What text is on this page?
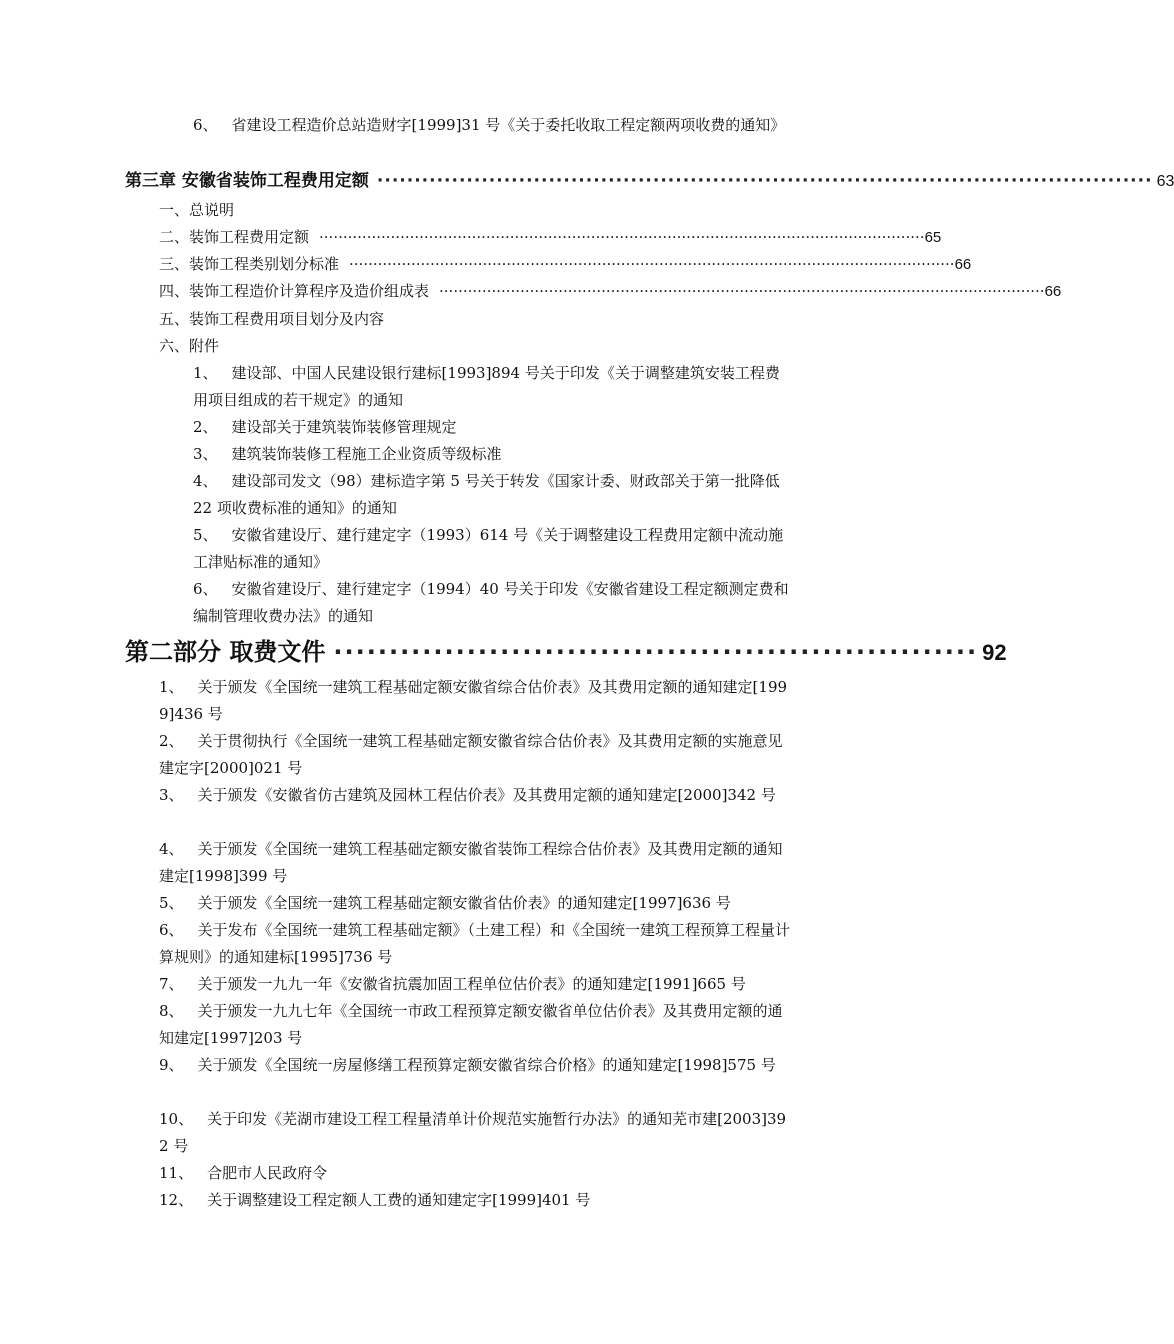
6、 省建设工程造价总站造财字[1999]31 号《关于委托收取工程定额两项收费的通知》
第三章 安徽省装饰工程费用定额 ········································································································ 63
一、总说明
二、装饰工程费用定额 ······························································································································· 65
三、装饰工程类别划分标准 ······························································································································· 66
四、装饰工程造价计算程序及造价组成表 ······························································································································· 66
五、装饰工程费用项目划分及内容
六、附件
1、 建设部、中国人民建设银行建标[1993]894 号关于印发《关于调整建筑安装工程费用项目组成的若干规定》的通知
2、 建设部关于建筑装饰装修管理规定
3、 建筑装饰装修工程施工企业资质等级标准
4、 建设部司发文（98）建标造字第 5 号关于转发《国家计委、财政部关于第一批降低 22 项收费标准的通知》的通知
5、 安徽省建设厅、建行建定字（1993）614 号《关于调整建设工程费用定额中流动施工津贴标准的通知》
6、 安徽省建设厅、建行建定字（1994）40 号关于印发《安徽省建设工程定额测定费和编制管理收费办法》的通知
第二部分 取费文件 ·························································· 92
1、 关于颁发《全国统一建筑工程基础定额安徽省综合估价表》及其费用定额的通知建定[1999]436 号
2、 关于贯彻执行《全国统一建筑工程基础定额安徽省综合估价表》及其费用定额的实施意见建定字[2000]021 号
3、 关于颁发《安徽省仿古建筑及园林工程估价表》及其费用定额的通知建定[2000]342 号
4、 关于颁发《全国统一建筑工程基础定额安徽省装饰工程综合估价表》及其费用定额的通知建定[1998]399 号
5、 关于颁发《全国统一建筑工程基础定额安徽省估价表》的通知建定[1997]636 号
6、 关于发布《全国统一建筑工程基础定额》（土建工程）和《全国统一建筑工程预算工程量计算规则》的通知建标[1995]736 号
7、 关于颁发一九九一年《安徽省抗震加固工程单位估价表》的通知建定[1991]665 号
8、 关于颁发一九九七年《全国统一市政工程预算定额安徽省单位估价表》及其费用定额的通知建定[1997]203 号
9、 关于颁发《全国统一房屋修缮工程预算定额安徽省综合价格》的通知建定[1998]575 号
10、 关于印发《芜湖市建设工程工程量清单计价规范实施暂行办法》的通知芜市建[2003]392 号
11、 合肥市人民政府令
12、 关于调整建设工程定额人工费的通知建定字[1999]401 号
